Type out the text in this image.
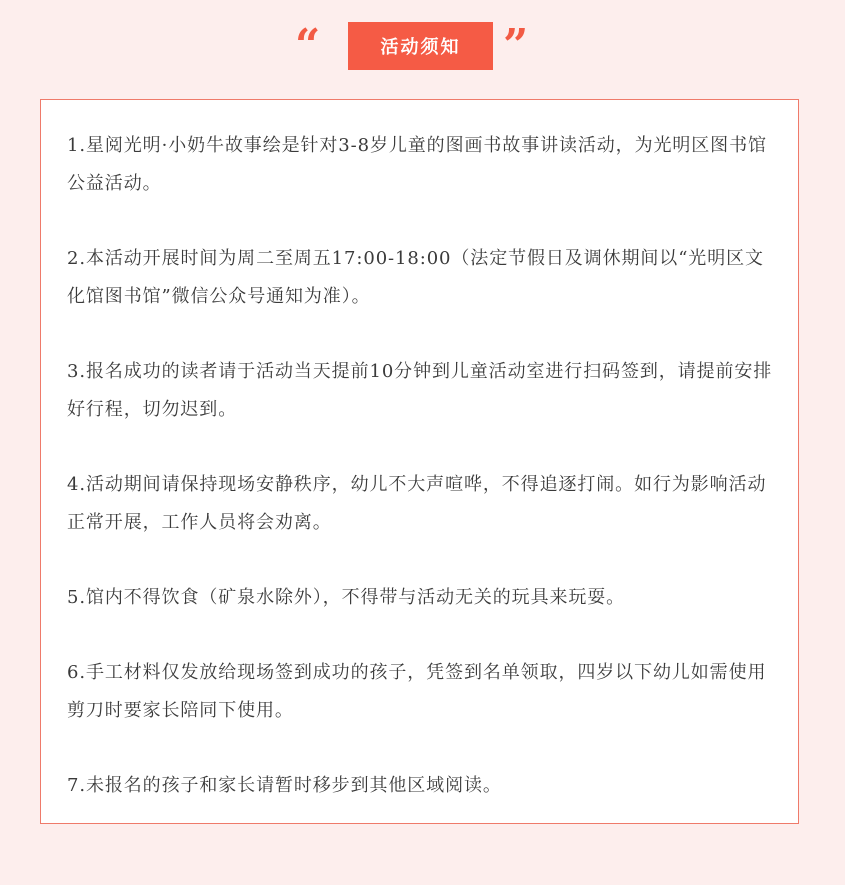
“	活动须知 ”
1.星阅光明·小奶牛故事绘是针对3-8岁儿童的图画书故事讲读活动，为光明区图书馆公益活动。
2.本活动开展时间为周二至周五17:00-18:00（法定节假日及调休期间以“光明区文化馆图书馆”微信公众号通知为准）。
3.报名成功的读者请于活动当天提前10分钟到儿童活动室进行扫码签到，请提前安排好行程，切勿迟到。
4.活动期间请保持现场安静秩序，幼儿不大声喧哗，不得追逐打闹。如行为影响活动正常开展，工作人员将会劝离。
5.馆内不得饮食（矿泉水除外），不得带与活动无关的玩具来玩耍。
6.手工材料仅发放给现场签到成功的孩子，凭签到名单领取，四岁以下幼儿如需使用剪刀时要家长陪同下使用。
7.未报名的孩子和家长请暂时移步到其他区域阅读。
